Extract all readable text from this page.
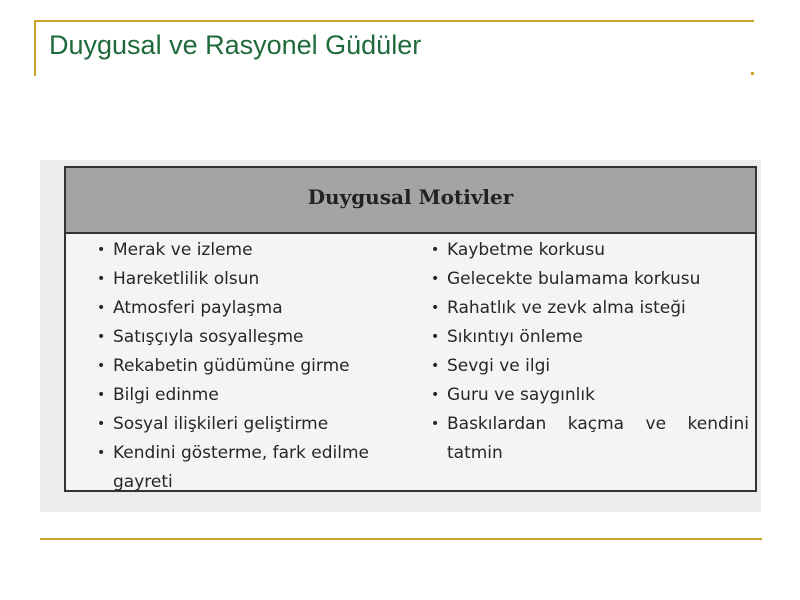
Duygusal ve Rasyonel Güdüler
Duygusal Motivler
• Merak ve izleme
• Hareketlilik olsun
• Atmosferi paylaşma
• Satışçıyla sosyalleşme
• Rekabetin güdümüne girme
• Bilgi edinme
• Sosyal ilişkileri geliştirme
• Kendini gösterme, fark edilme
gayreti
• Kaybetme korkusu
• Gelecekte bulamama korkusu
• Rahatlık ve zevk alma isteği
• Sıkıntıyı önleme
• Sevgi ve ilgi
• Guru ve saygınlık
• Baskılardan kaçma ve kendini
tatmin
